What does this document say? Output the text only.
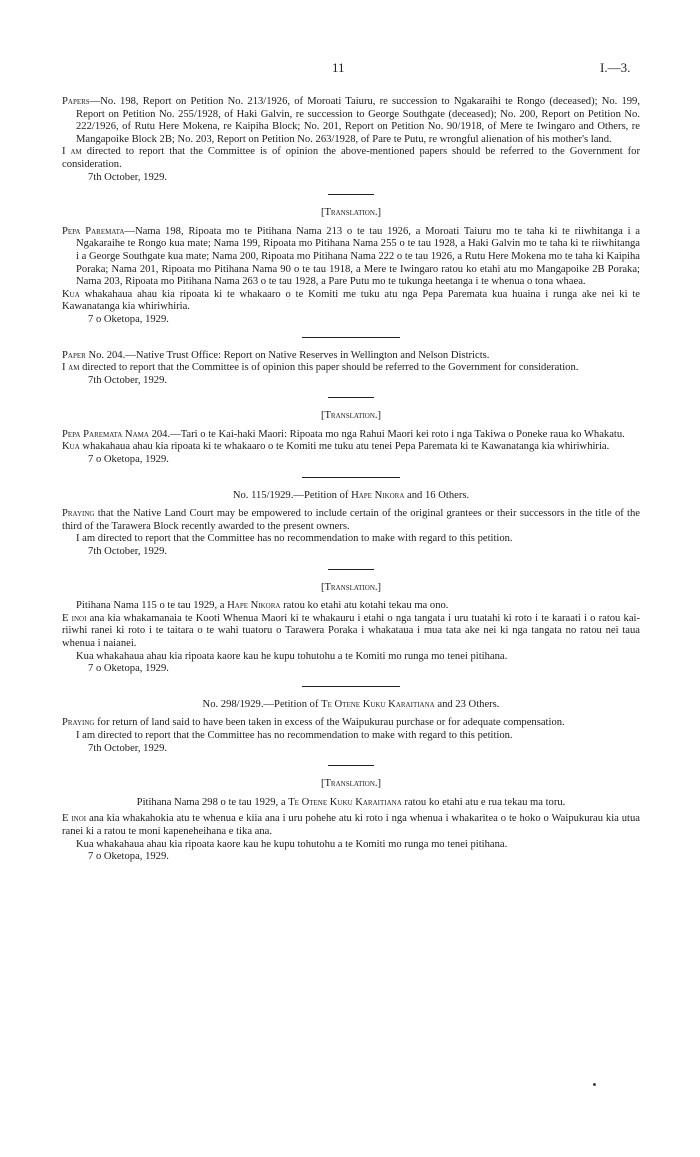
11	I.—3.

Papers—No. 198, Report on Petition No. 213/1926, of Moroati Taiuru, re succession to Ngakaraihi te Rongo (deceased); No. 199, Report on Petition No. 255/1928, of Haki Galvin, re succession to George Southgate (deceased); No. 200, Report on Petition No. 222/1926, of Rutu Here Mokena, re Kaipiha Block; No. 201, Report on Petition No. 90/1918, of Mere te Iwingaro and Others, re Mangapoike Block 2B; No. 203, Report on Petition No. 263/1928, of Pare te Putu, re wrongful alienation of his mother's land.

I am directed to report that the Committee is of opinion the above-mentioned papers should be referred to the Government for consideration.

7th October, 1929.

[Translation.]

Pepa Paremata—Nama 198, Ripoata mo te Pitihana Nama 213 o te tau 1926, a Moroati Taiuru mo te taha ki te riiwhitanga i a Ngakaraihe te Rongo kua mate; Nama 199, Ripoata mo Pitihana Nama 255 o te tau 1928, a Haki Galvin mo te taha ki te riiwhitanga i a George Southgate kua mate; Nama 200, Ripoata mo Pitihana Nama 222 o te tau 1926, a Rutu Here Mokena mo te taha ki Kaipiha Poraka; Nama 201, Ripoata mo Pitihana Nama 90 o te tau 1918, a Mere te Iwingaro ratou ko etahi atu mo Mangapoike 2B Poraka; Nama 203, Ripoata mo Pitihana Nama 263 o te tau 1928, a Pare Putu mo te tukunga heetanga i te whenua o tona whaea.

Kua whakahaua ahau kia ripoata ki te whakaaro o te Komiti me tuku atu nga Pepa Paremata kua huaina i runga ake nei ki te Kawanatanga kia whiriwhiria.

7 o Oketopa, 1929.

Paper No. 204.—Native Trust Office: Report on Native Reserves in Wellington and Nelson Districts.

I am directed to report that the Committee is of opinion this paper should be referred to the Government for consideration.

7th October, 1929.

[Translation.]

Pepa Paremata Nama 204.—Tari o te Kai-haki Maori: Ripoata mo nga Rahui Maori kei roto i nga Takiwa o Poneke raua ko Whakatu.

Kua whakahaua ahau kia ripoata ki te whakaaro o te Komiti me tuku atu tenei Pepa Paremata ki te Kawanatanga kia whiriwhiria.

7 o Oketopa, 1929.

No. 115/1929.—Petition of Hape Nikora and 16 Others.

Praying that the Native Land Court may be empowered to include certain of the original grantees or their successors in the title of the third of the Tarawera Block recently awarded to the present owners.

I am directed to report that the Committee has no recommendation to make with regard to this petition.

7th October, 1929.

[Translation.]

Pitihana Nama 115 o te tau 1929, a Hape Nikora ratou ko etahi atu kotahi tekau ma ono.

E inoi ana kia whakamanaia te Kooti Whenua Maori ki te whakauru i etahi o nga tangata i uru tuatahi ki roto i te karaati i o ratou kai-riiwhi ranei ki roto i te taitara o te wahi tuatoru o Tarawera Poraka i whakataua i mua tata ake nei ki nga tangata no ratou nei taua whenua i naianei.

Kua whakahaua ahau kia ripoata kaore kau he kupu tohutohu a te Komiti mo runga mo tenei pitihana.

7 o Oketopa, 1929.

No. 298/1929.—Petition of Te Otene Kuku Karaitiana and 23 Others.

Praying for return of land said to have been taken in excess of the Waipukurau purchase or for adequate compensation.

I am directed to report that the Committee has no recommendation to make with regard to this petition.

7th October, 1929.

[Translation.]

Pitihana Nama 298 o te tau 1929, a Te Otene Kuku Karaitiana ratou ko etahi atu e rua tekau ma toru.

E inoi ana kia whakahokia atu te whenua e kiia ana i uru pohehe atu ki roto i nga whenua i whakaritea o te hoko o Waipukurau kia utua ranei ki a ratou te moni kapeneheihana e tika ana.

Kua whakahaua ahau kia ripoata kaore kau he kupu tohutohu a te Komiti mo runga mo tenei pitihana.

7 o Oketopa, 1929.
